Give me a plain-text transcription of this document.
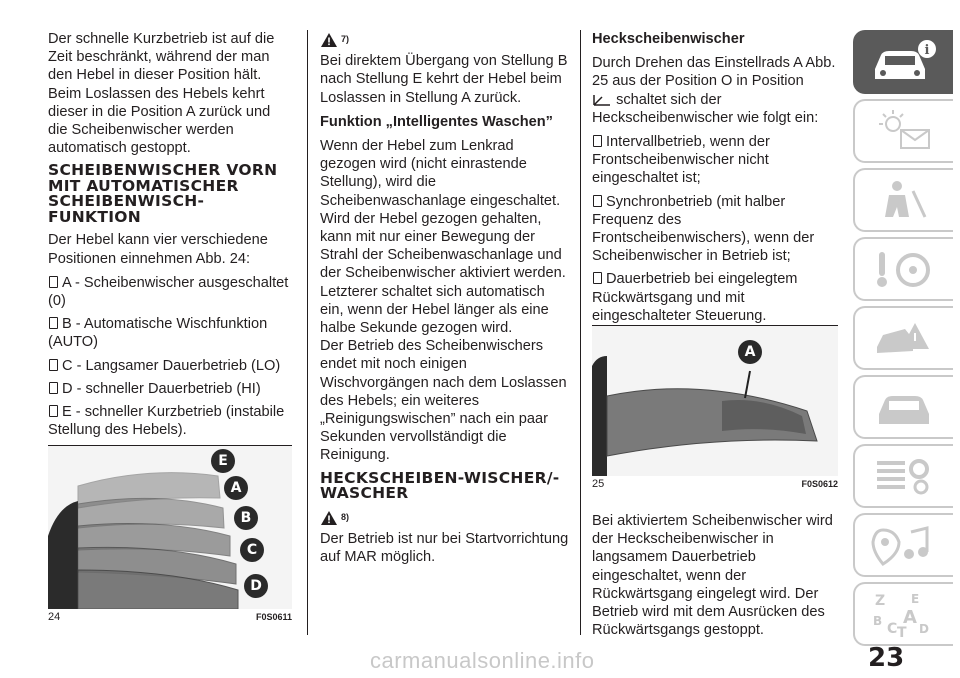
Der schnelle Kurzbetrieb ist auf die Zeit beschränkt, während der man den Hebel in dieser Position hält. Beim Loslassen des Hebels kehrt dieser in die Position A zurück und die Scheibenwischer werden automatisch gestoppt.

SCHEIBENWISCHER VORN MIT AUTOMATISCHER SCHEIBENWISCH-FUNKTION

Der Hebel kann vier verschiedene Positionen einnehmen Abb. 24:

A - Scheibenwischer ausgeschaltet (0)
B - Automatische Wischfunktion (AUTO)
C - Langsamer Dauerbetrieb (LO)
D - schneller Dauerbetrieb (HI)
E - schneller Kurzbetrieb (instabile Stellung des Hebels).
E
A
B
C
D
24	F0S0611
7)

Bei direktem Übergang von Stellung B nach Stellung E kehrt der Hebel beim Loslassen in Stellung A zurück.

Funktion „Intelligentes Waschen”

Wenn der Hebel zum Lenkrad gezogen wird (nicht einrastende Stellung), wird die Scheibenwaschanlage eingeschaltet.

Wird der Hebel gezogen gehalten, kann mit nur einer Bewegung der Strahl der Scheibenwaschanlage und der Scheibenwischer aktiviert werden. Letzterer schaltet sich automatisch ein, wenn der Hebel länger als eine halbe Sekunde gezogen wird.

Der Betrieb des Scheibenwischers endet mit noch einigen Wischvorgängen nach dem Loslassen des Hebels; ein weiteres „Reinigungswischen” nach ein paar Sekunden vervollständigt die Reinigung.

HECKSCHEIBEN-WISCHER/-WASCHER
8)

Der Betrieb ist nur bei Startvorrichtung auf MAR möglich.

Heckscheibenwischer

Durch Drehen das Einstellrads A Abb. 25 aus der Position O in Position
schaltet sich der Heckscheibenwischer wie folgt ein:

Intervallbetrieb, wenn der Frontscheibenwischer nicht eingeschaltet ist;
Synchronbetrieb (mit halber Frequenz des Frontscheibenwischers), wenn der Scheibenwischer in Betrieb ist;
Dauerbetrieb bei eingelegtem Rückwärtsgang und mit eingeschalteter Steuerung.
A
25	F0S0612

Bei aktiviertem Scheibenwischer wird der Heckscheibenwischer in langsamem Dauerbetrieb eingeschaltet, wenn der Rückwärtsgang eingelegt wird. Der Betrieb wird mit dem Ausrücken des Rückwärtsgangs gestoppt.

i
Z E
B A
C T D
carmanualsonline.info	23
